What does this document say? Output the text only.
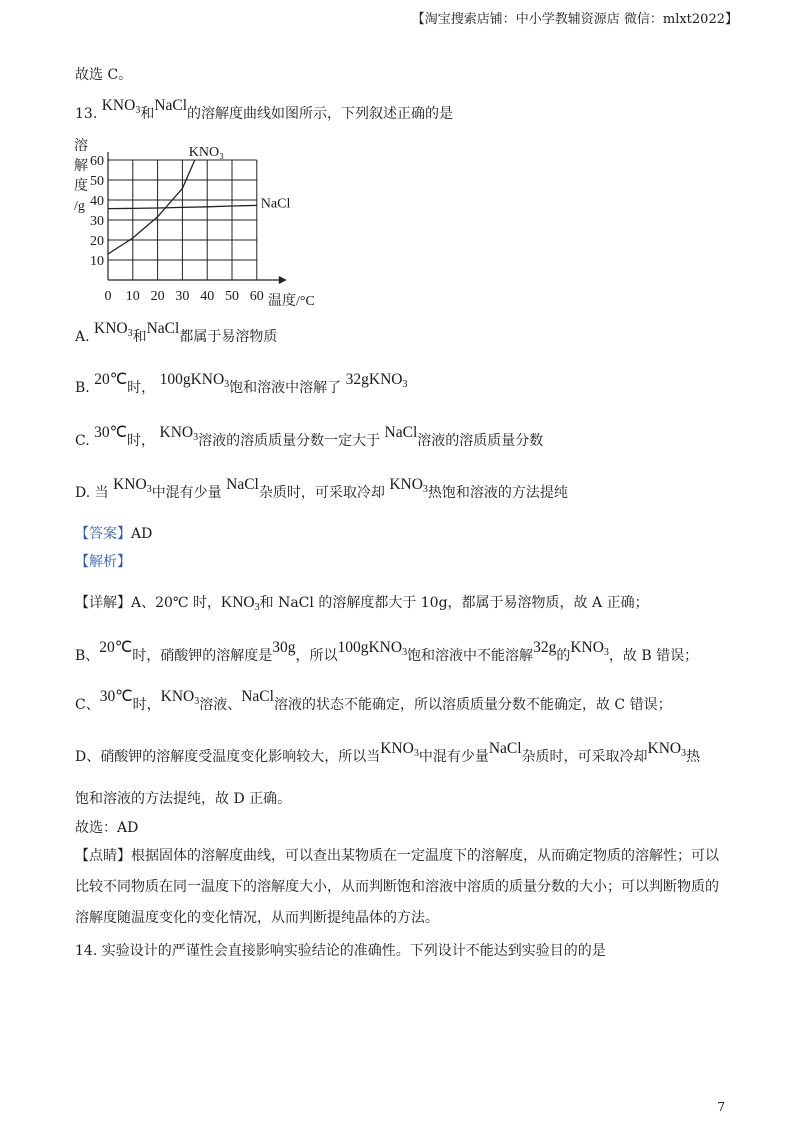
【淘宝搜索店铺：中小学教辅资源店 微信：mlxt2022】
故选 C。
13. $KNO_3$和NaCl的溶解度曲线如图所示，下列叙述正确的是
溶
解
度
/g
0 10 20 30 40 50 60
10
20
30
40
50
60
KNO₃
NaCl
温度/°C
A. $KNO_3$和NaCl都属于易溶物质
B. 20℃时， 100gKNO$_3$饱和溶液中溶解了 32gKNO$_3$
C. 30℃时， $KNO_3$溶液的溶质质量分数一定大于 NaCl溶液的溶质质量分数
D. 当 $KNO_3$中混有少量 NaCl杂质时，可采取冷却 $KNO_3$热饱和溶液的方法提纯
【答案】AD
【解析】
【详解】A、20℃ 时，$KNO_3$和 NaCl 的溶解度都大于 10g，都属于易溶物质，故 A 正确；
B、20℃时，硝酸钾的溶解度是30g，所以100gKNO$_3$饱和溶液中不能溶解32g的$KNO_3$，故 B 错误；
C、30℃时，$KNO_3$溶液、NaCl溶液的状态不能确定，所以溶质质量分数不能确定，故 C 错误；
D、硝酸钾的溶解度受温度变化影响较大，所以当$KNO_3$中混有少量NaCl杂质时，可采取冷却$KNO_3$热
饱和溶液的方法提纯，故 D 正确。
故选：AD
【点睛】根据固体的溶解度曲线，可以查出某物质在一定温度下的溶解度，从而确定物质的溶解性；可以
比较不同物质在同一温度下的溶解度大小，从而判断饱和溶液中溶质的质量分数的大小；可以判断物质的
溶解度随温度变化的变化情况，从而判断提纯晶体的方法。
14. 实验设计的严谨性会直接影响实验结论的准确性。下列设计不能达到实验目的的是
7
